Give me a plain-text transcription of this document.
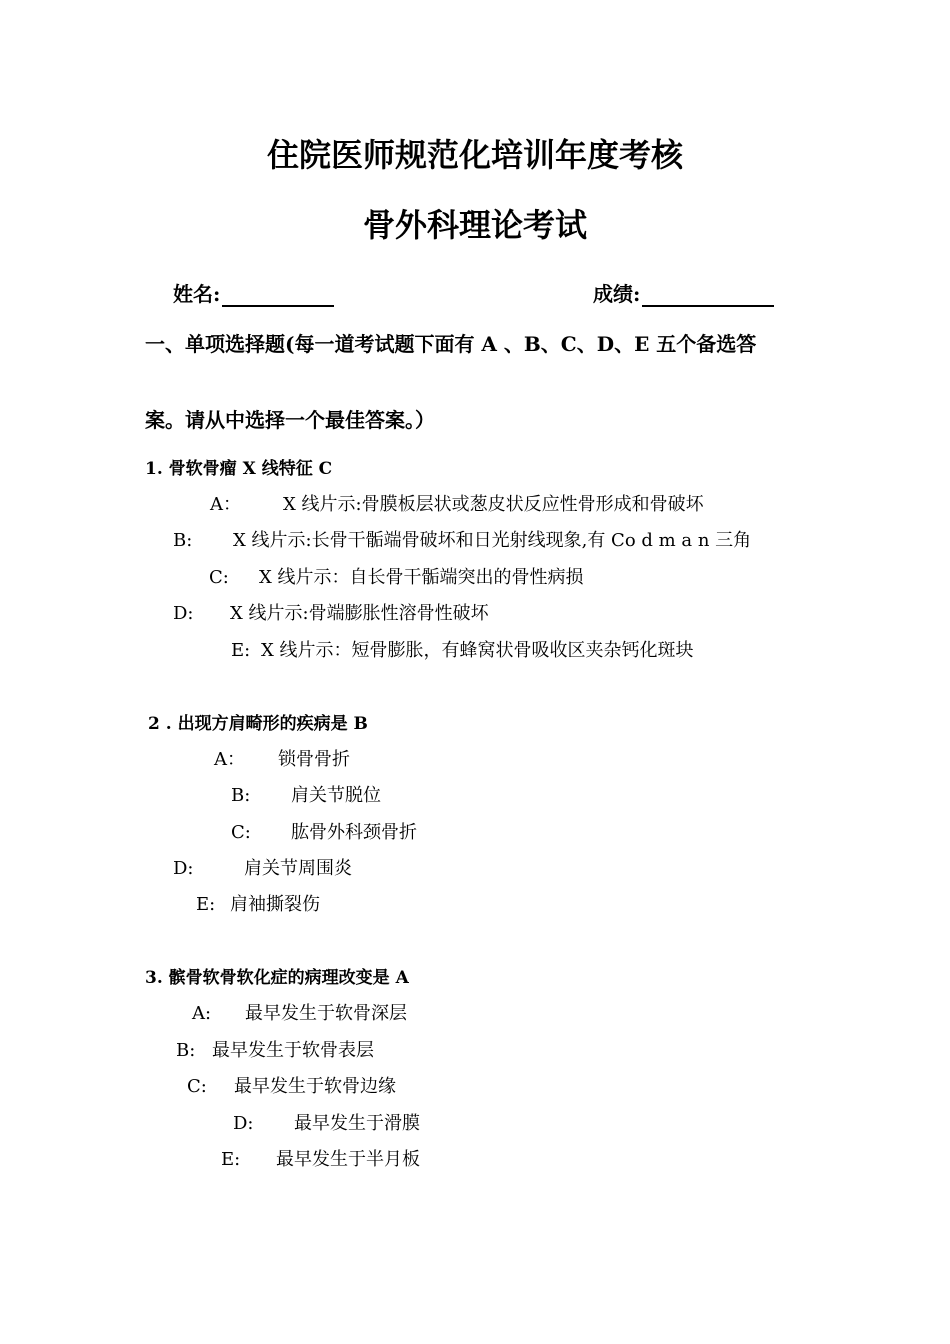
住院医师规范化培训年度考核
骨外科理论考试
姓名:	成绩:
一、单项选择题(每一道考试题下面有 A 、B、C、D、E 五个备选答
案。请从中选择一个最佳答案。）
1. 骨软骨瘤 X 线特征 C
A： X 线片示:骨膜板层状或葱皮状反应性骨形成和骨破坏
B: X 线片示:长骨干骺端骨破坏和日光射线现象,有 Co d m a n 三角
C: X 线片示：自长骨干骺端突出的骨性病损
D: X 线片示:骨端膨胀性溶骨性破坏
E: X 线片示：短骨膨胀，有蜂窝状骨吸收区夹杂钙化斑块
2 . 出现方肩畸形的疾病是 B
A： 锁骨骨折
B: 肩关节脱位
C: 肱骨外科颈骨折
D:	肩关节周围炎
E: 肩袖撕裂伤
3. 髌骨软骨软化症的病理改变是 A
A: 最早发生于软骨深层
B: 最早发生于软骨表层
C: 最早发生于软骨边缘
D: 最早发生于滑膜
E: 最早发生于半月板
